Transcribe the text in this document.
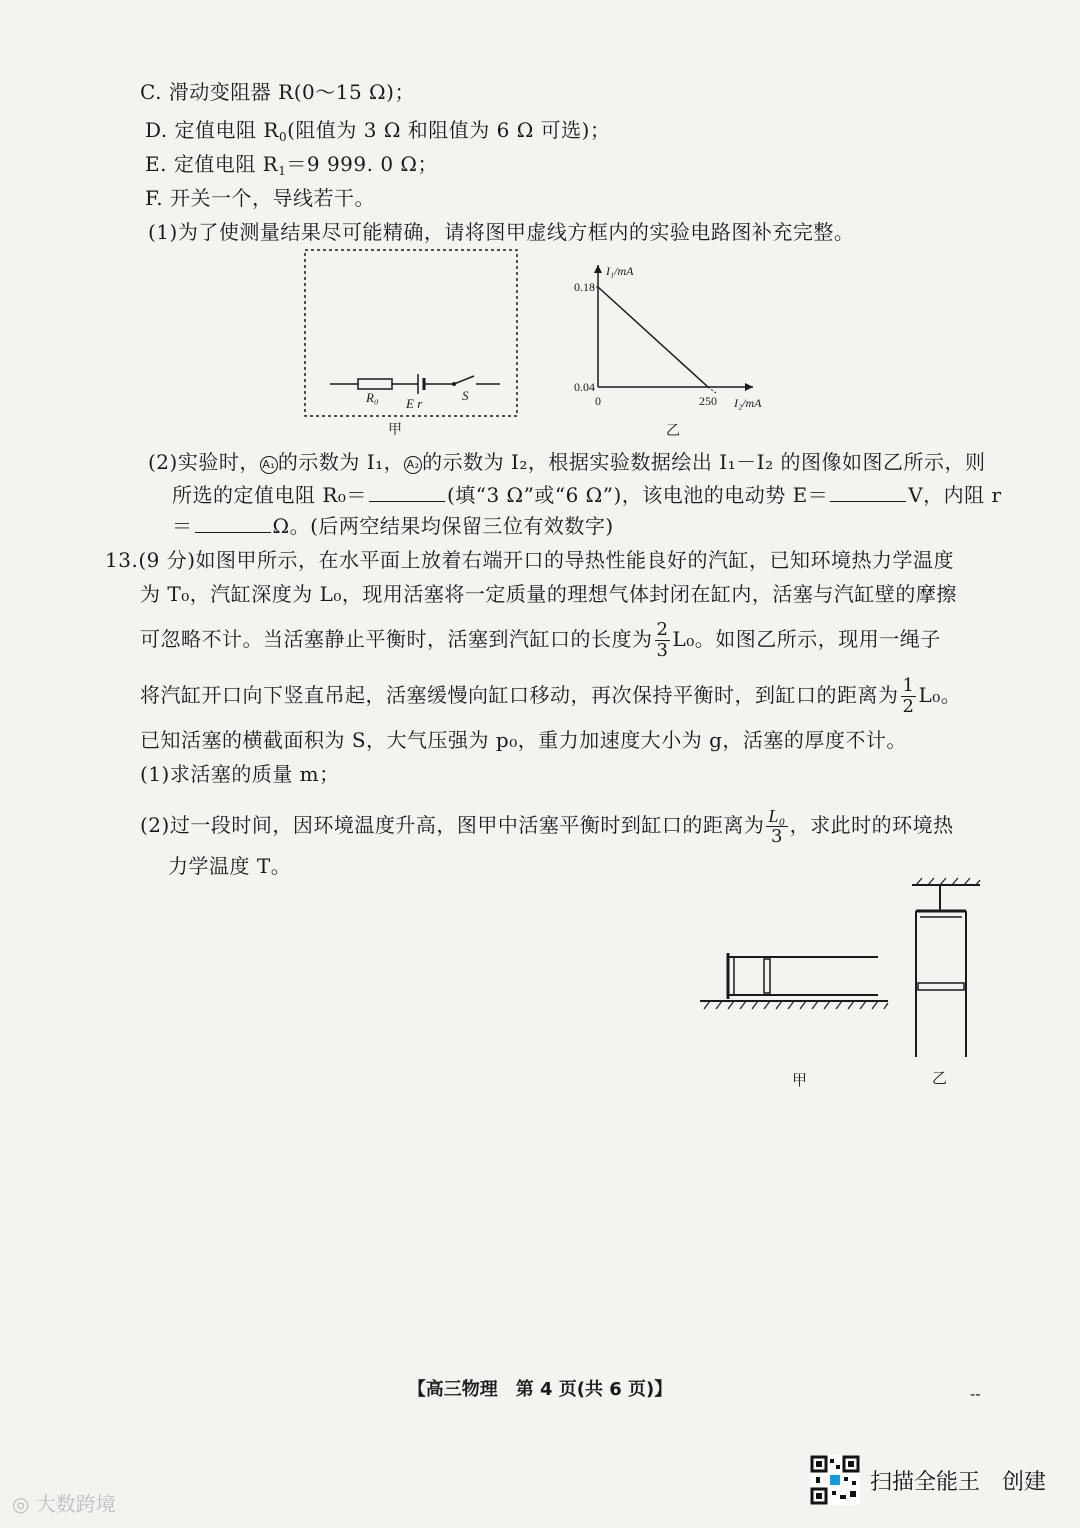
C. 滑动变阻器 R(0～15 Ω)；
D. 定值电阻 $R_0$(阻值为 3 Ω 和阻值为 6 Ω 可选)；
E. 定值电阻 $R_1=9$ 999. 0 Ω；
F. 开关一个，导线若干。
(1)为了使测量结果尽可能精确，请将图甲虚线方框内的实验电路图补充完整。
R₀ E r
S
甲
I₁/mA
I₂/mA
0.18
0.04
0	250
乙
(2)实验时， A₁ 的示数为 I₁， A₂ 的示数为 I₂，根据实验数据绘出 I₁－I₂ 的图像如图乙所示，则
所选的定值电阻 R₀＝	(填“3 Ω”或“6 Ω”)，该电池的电动势 E＝	V，内阻 r
＝	Ω。(后两空结果均保留三位有效数字)
13.(9 分)如图甲所示，在水平面上放着右端开口的导热性能良好的汽缸，已知环境热力学温度
为 T₀，汽缸深度为 L₀，现用活塞将一定质量的理想气体封闭在缸内，活塞与汽缸壁的摩擦
可忽略不计。当活塞静止平衡时，活塞到汽缸口的长度为 $\frac{2}{3} L_0$。如图乙所示，现用一绳子
将汽缸开口向下竖直吊起，活塞缓慢向缸口移动，再次保持平衡时，到缸口的距离为 $\frac{1}{2} L_0$。
已知活塞的横截面积为 S，大气压强为 p₀，重力加速度大小为 g，活塞的厚度不计。
(1)求活塞的质量 m；
(2)过一段时间，因环境温度升高，图甲中活塞平衡时到缸口的距离为 $\frac{\text{L₀}}{3}$ ，求此时的环境热
力学温度 T。
甲	乙
【高三物理　第 4 页(共 6 页)】	--
扫描全能王　创建
◎ 大数跨境
